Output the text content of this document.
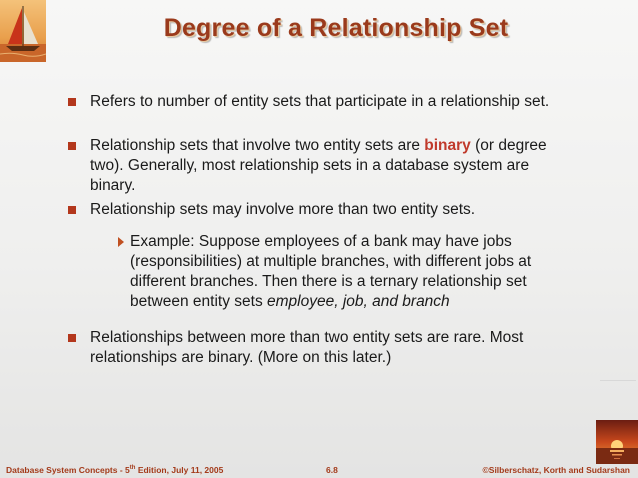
Degree of a Relationship Set
Refers to number of entity sets that participate in a relationship set.
Relationship sets that involve two entity sets are binary (or degree two). Generally, most relationship sets in a database system are binary.
Relationship sets may involve more than two entity sets.
Example: Suppose employees of a bank may have jobs (responsibilities) at multiple branches, with different jobs at different branches. Then there is a ternary relationship set between entity sets employee, job, and branch
Relationships between more than two entity sets are rare. Most relationships are binary. (More on this later.)
Database System Concepts - 5th Edition, July 11, 2005	6.8	©Silberschatz, Korth and Sudarshan
